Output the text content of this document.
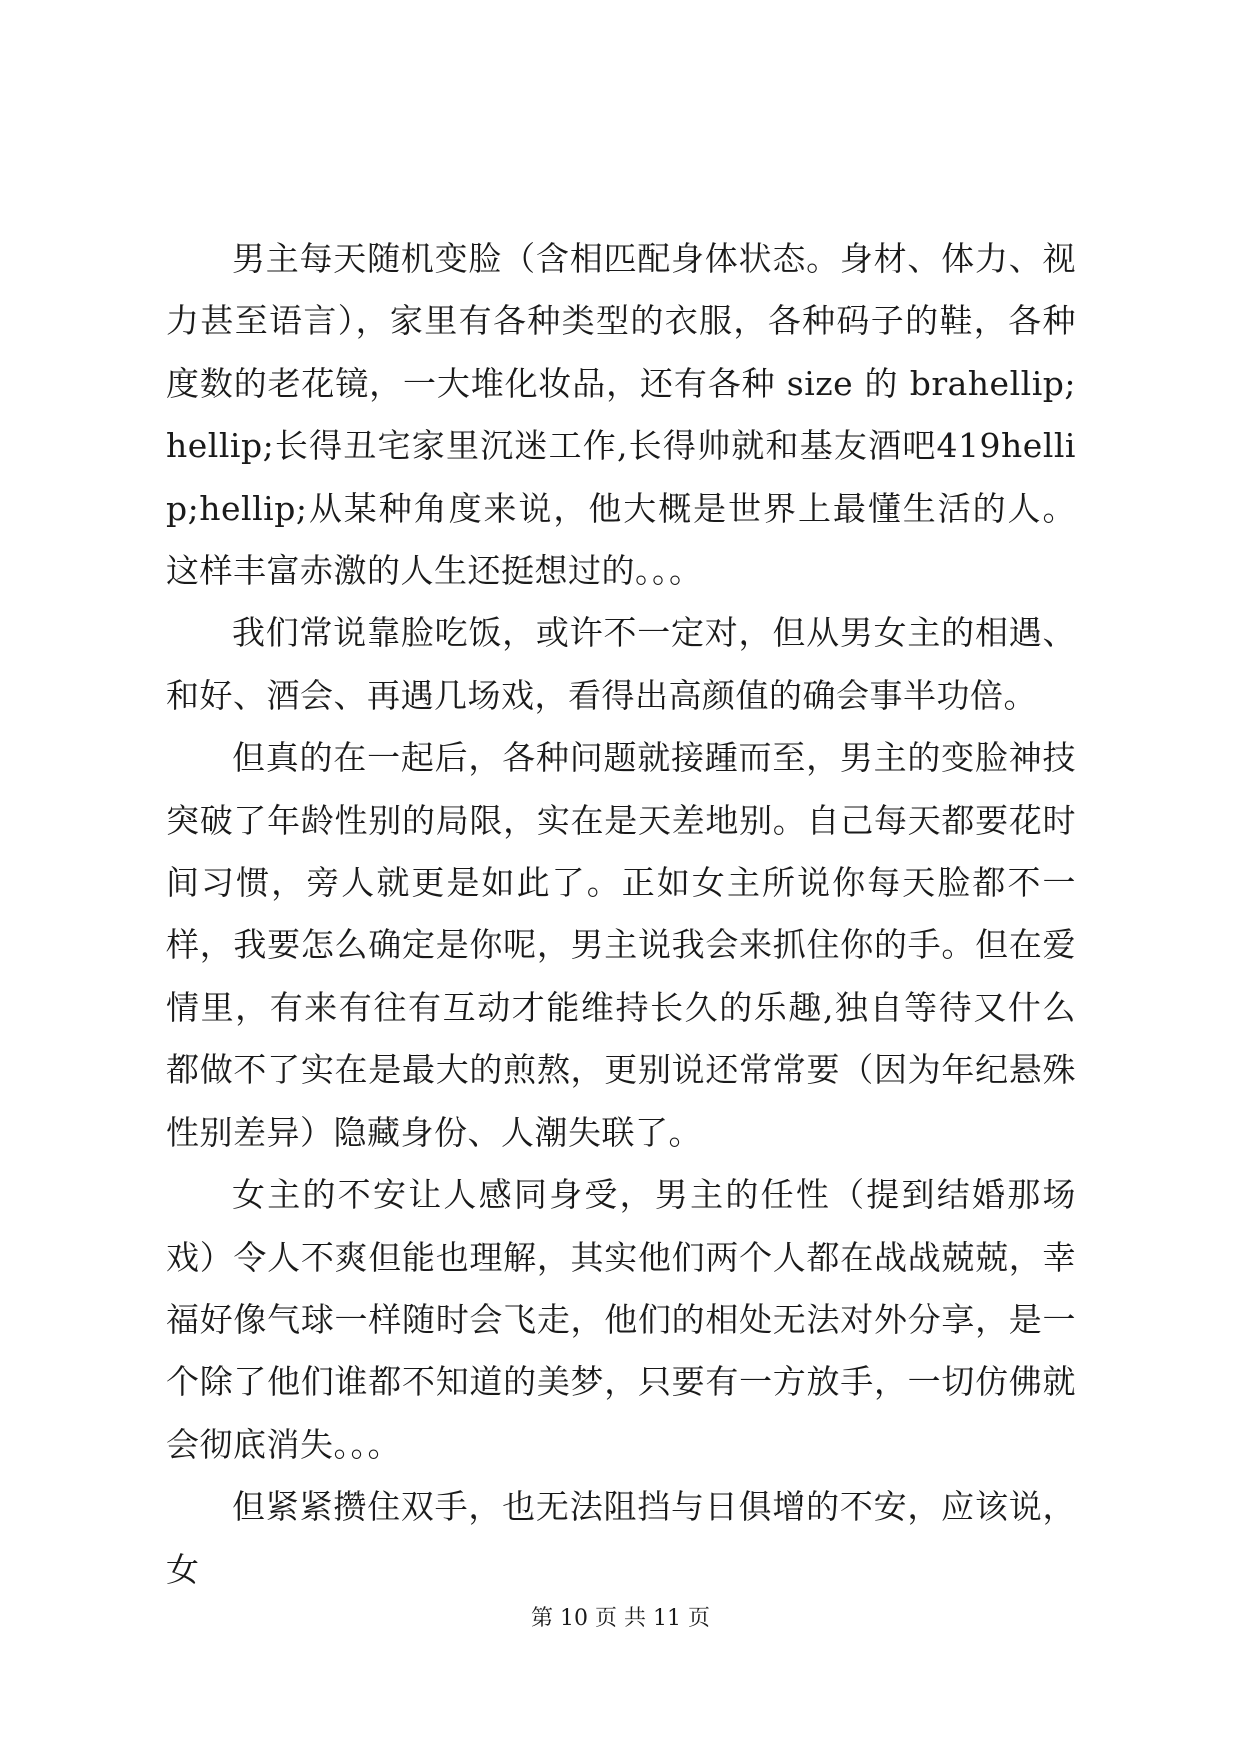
男主每天随机变脸（含相匹配身体状态。身材、体力、视力甚至语言），家里有各种类型的衣服，各种码子的鞋，各种度数的老花镜，一大堆化妆品，还有各种 size 的 brahellip;hellip;长得丑宅家里沉迷工作,长得帅就和基友酒吧419hellip;hellip;从某种角度来说，他大概是世界上最懂生活的人。这样丰富赤激的人生还挺想过的。。。

我们常说靠脸吃饭，或许不一定对，但从男女主的相遇、和好、酒会、再遇几场戏，看得出高颜值的确会事半功倍。

但真的在一起后，各种问题就接踵而至，男主的变脸神技突破了年龄性别的局限，实在是天差地别。自己每天都要花时间习惯，旁人就更是如此了。正如女主所说你每天脸都不一样，我要怎么确定是你呢，男主说我会来抓住你的手。但在爱情里，有来有往有互动才能维持长久的乐趣,独自等待又什么都做不了实在是最大的煎熬，更别说还常常要（因为年纪悬殊性别差异）隐藏身份、人潮失联了。

女主的不安让人感同身受，男主的任性（提到结婚那场戏）令人不爽但能也理解，其实他们两个人都在战战兢兢，幸福好像气球一样随时会飞走，他们的相处无法对外分享，是一个除了他们谁都不知道的美梦，只要有一方放手，一切仿佛就会彻底消失。。。

但紧紧攒住双手，也无法阻挡与日俱增的不安，应该说，女

第 10 页 共 11 页
